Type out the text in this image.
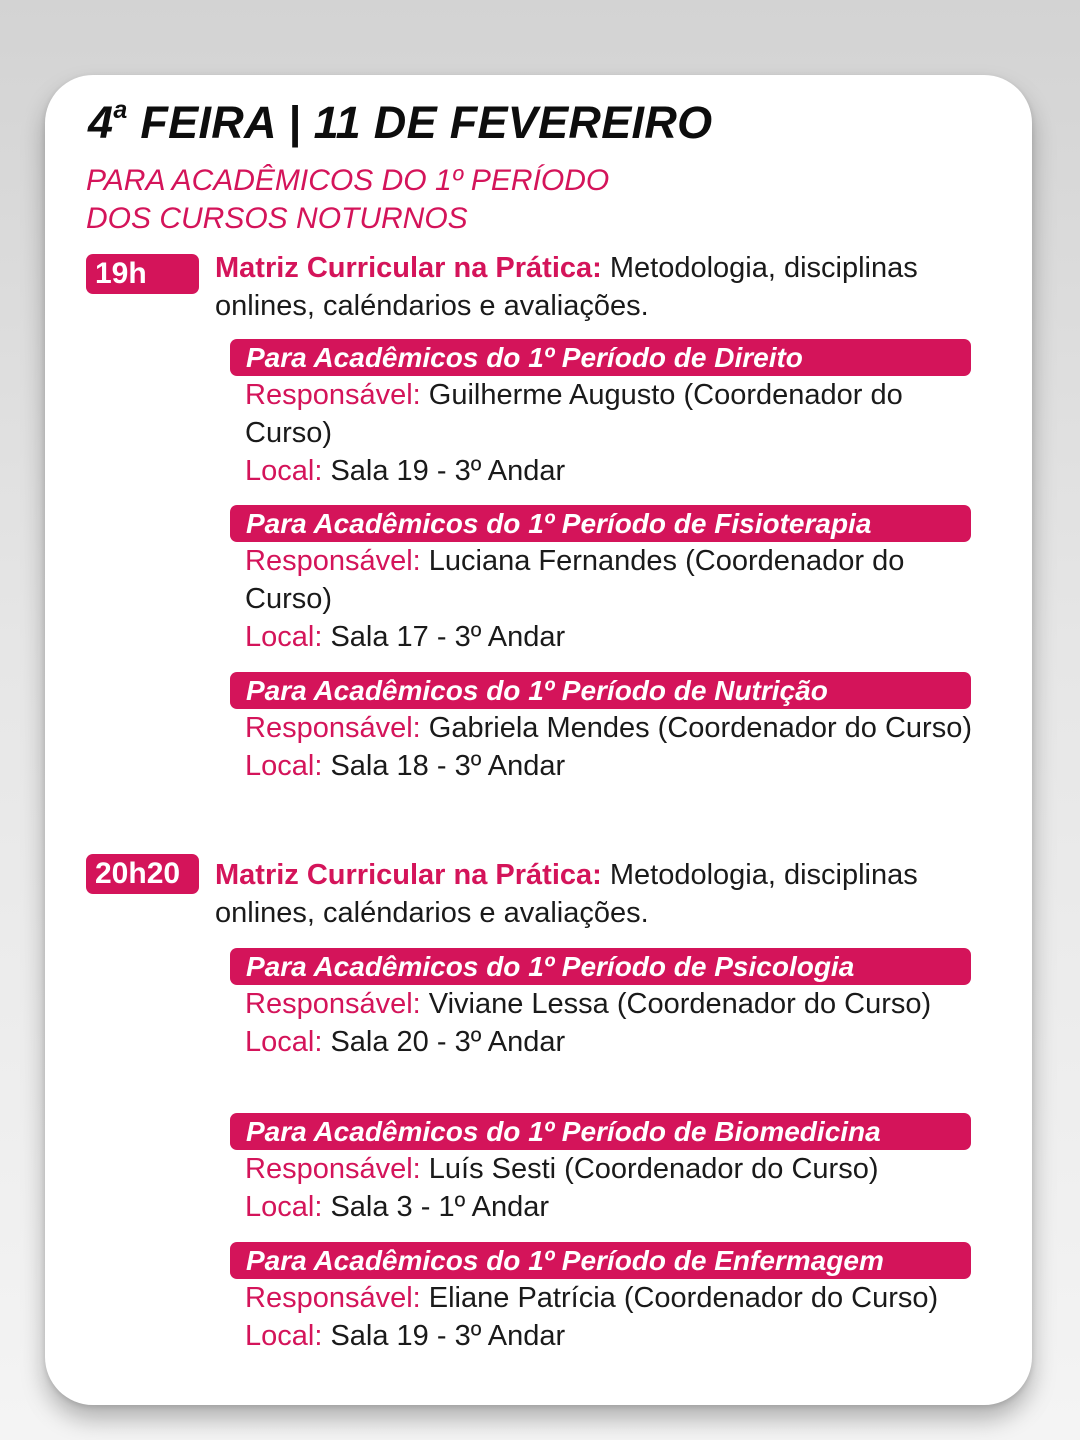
4$^a$ FEIRA | 11 DE FEVEREIRO
PARA ACADÊMICOS DO 1º PERÍODO
DOS CURSOS NOTURNOS
19h	Matriz Curricular na Prática: Metodologia, disciplinas onlines, caléndarios e avaliações.
Para Acadêmicos do 1º Período de Direito
Responsável: Guilherme Augusto (Coordenador do Curso)
Local: Sala 19 - 3º Andar
Para Acadêmicos do 1º Período de Fisioterapia
Responsável: Luciana Fernandes (Coordenador do Curso)
Local: Sala 17 - 3º Andar
Para Acadêmicos do 1º Período de Nutrição
Responsável: Gabriela Mendes (Coordenador do Curso)
Local: Sala 18 - 3º Andar
20h20	Matriz Curricular na Prática: Metodologia, disciplinas onlines, caléndarios e avaliações.
Para Acadêmicos do 1º Período de Psicologia
Responsável: Viviane Lessa (Coordenador do Curso)
Local: Sala 20 - 3º Andar
Para Acadêmicos do 1º Período de Biomedicina
Responsável: Luís Sesti (Coordenador do Curso)
Local: Sala 3 - 1º Andar
Para Acadêmicos do 1º Período de Enfermagem
Responsável: Eliane Patrícia (Coordenador do Curso)
Local: Sala 19 - 3º Andar
